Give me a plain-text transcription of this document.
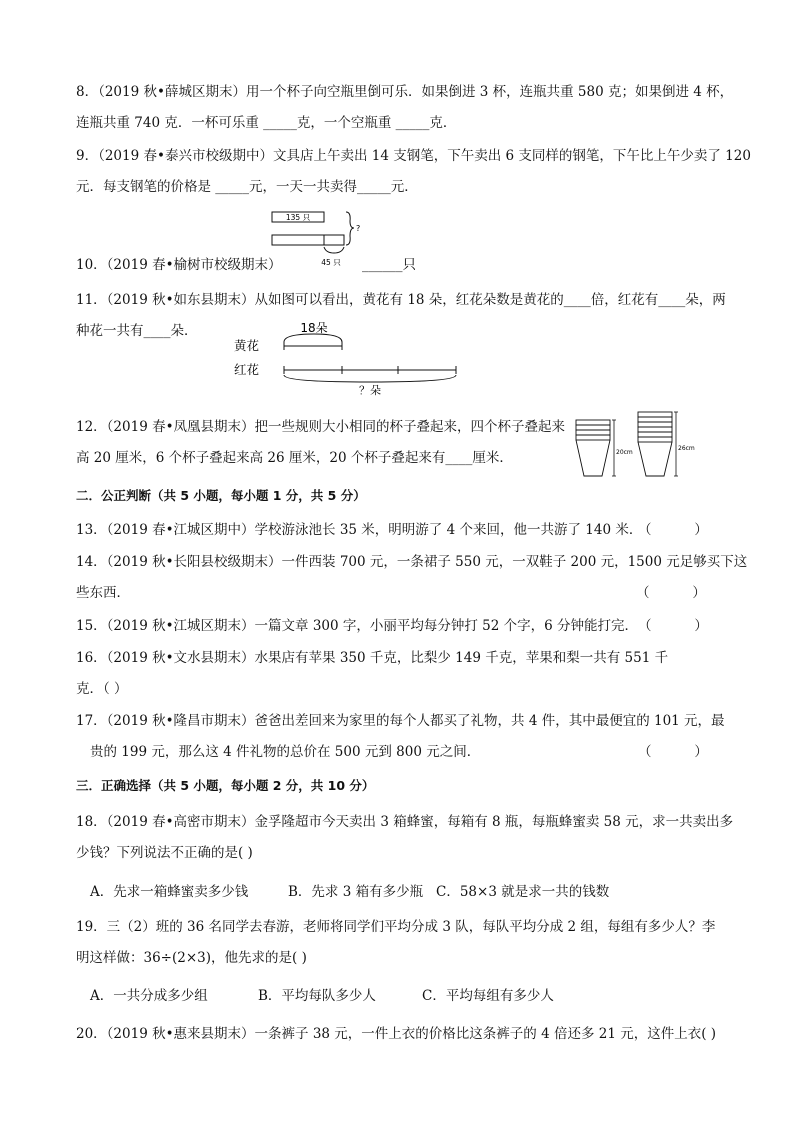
8．（2019 秋•薛城区期末）用一个杯子向空瓶里倒可乐．如果倒进 3 杯，连瓶共重 580 克；如果倒进 4 杯，
连瓶共重 740 克．一杯可乐重 _____克，一个空瓶重 _____克．
9．（2019 春•泰兴市校级期中）文具店上午卖出 14 支钢笔，下午卖出 6 支同样的钢笔，下午比上午少卖了 120
元．每支钢笔的价格是 _____元，一天一共卖得_____元．
135 只
?
45 只
10．（2019 春•榆树市校级期末）	______只
11．（2019 秋•如东县期末）从如图可以看出，黄花有 18 朵，红花朵数是黄花的____倍，红花有____朵，两
种花一共有____朵．	18朵
黄花
红花
？朵
12．（2019 春•凤凰县期末）把一些规则大小相同的杯子叠起来，四个杯子叠起来
高 20 厘米，6 个杯子叠起来高 26 厘米，20 个杯子叠起来有____厘米．	20cm
26cm
二．公正判断（共 5 小题，每小题 1 分，共 5 分）
13．（2019 春•江城区期中）学校游泳池长 35 米，明明游了 4 个来回，他一共游了 140 米．
（          ）
14．（2019 秋•长阳县校级期末）一件西装 700 元，一条裙子 550 元，一双鞋子 200 元，1500 元足够买下这
些东西．	（          ）
15．（2019 秋•江城区期末）一篇文章 300 字，小丽平均每分钟打 52 个字，6 分钟能打完． （          ）
16．（2019 秋•文水县期末）水果店有苹果 350 千克，比梨少 149 千克，苹果和梨一共有 551 千
克．（ ）
17．（2019 秋•隆昌市期末）爸爸出差回来为家里的每个人都买了礼物，共 4 件，其中最便宜的 101 元，最
贵的 199 元，那么这 4 件礼物的总价在 500 元到 800 元之间．	（          ）
三．正确选择（共 5 小题，每小题 2 分，共 10 分）
18．（2019 春•高密市期末）金孚隆超市今天卖出 3 箱蜂蜜，每箱有 8 瓶，每瓶蜂蜜卖 58 元，求一共卖出多
少钱？下列说法不正确的是( )
A．先求一箱蜂蜜卖多少钱	B．先求 3 箱有多少瓶 C．58×3 就是求一共的钱数
19．三（2）班的 36 名同学去春游，老师将同学们平均分成 3 队，每队平均分成 2 组，每组有多少人？李
明这样做：36÷(2×3)，他先求的是( )
A．一共分成多少组	B．平均每队多少人	C．平均每组有多少人
20．（2019 秋•惠来县期末）一条裤子 38 元，一件上衣的价格比这条裤子的 4 倍还多 21 元，这件上衣( )
